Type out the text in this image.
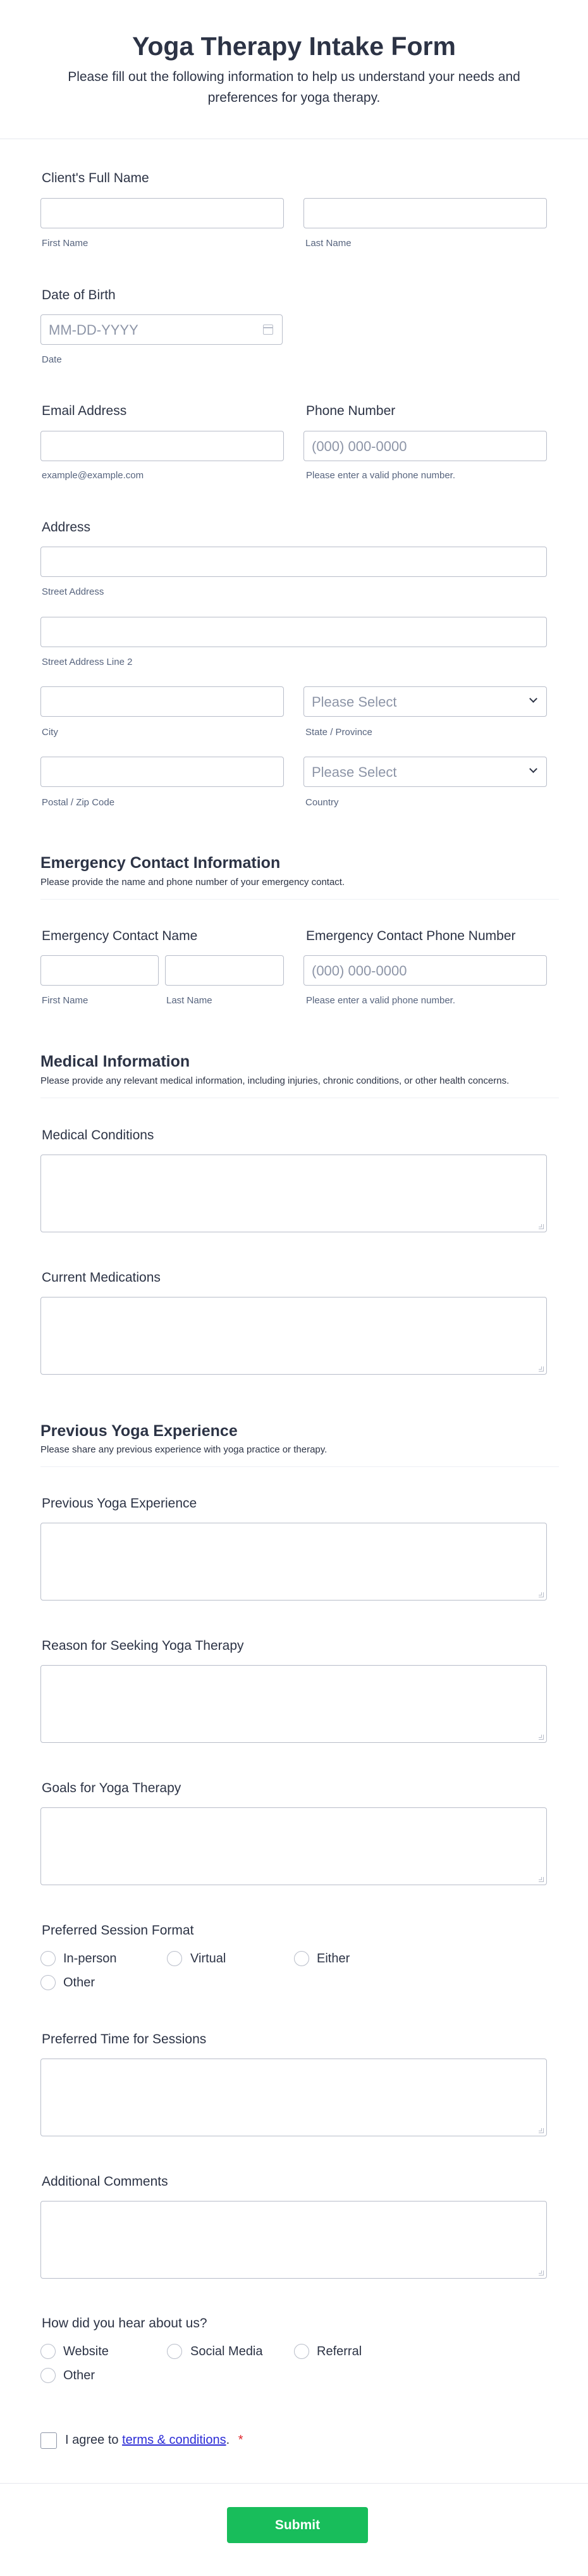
Yoga Therapy Intake Form
Please fill out the following information to help us understand your needs and preferences for yoga therapy.
Client's Full Name
First Name	Last Name
Date of Birth
MM-DD-YYYY
Date
Email Address
example@example.com
Phone Number
(000) 000-0000
Please enter a valid phone number.
Address
Street Address
Street Address Line 2
City
Please Select
State / Province
Postal / Zip Code
Please Select
Country
Emergency Contact Information
Please provide the name and phone number of your emergency contact.
Emergency Contact Name
First Name	Last Name
Emergency Contact Phone Number
(000) 000-0000
Please enter a valid phone number.
Medical Information
Please provide any relevant medical information, including injuries, chronic conditions, or other health concerns.
Medical Conditions
Current Medications
Previous Yoga Experience
Please share any previous experience with yoga practice or therapy.
Previous Yoga Experience
Reason for Seeking Yoga Therapy
Goals for Yoga Therapy
Preferred Session Format
In-person	Virtual	Either
Other
Preferred Time for Sessions
Additional Comments
How did you hear about us?
Website	Social Media	Referral
Other
I agree to terms & conditions. *
Submit
